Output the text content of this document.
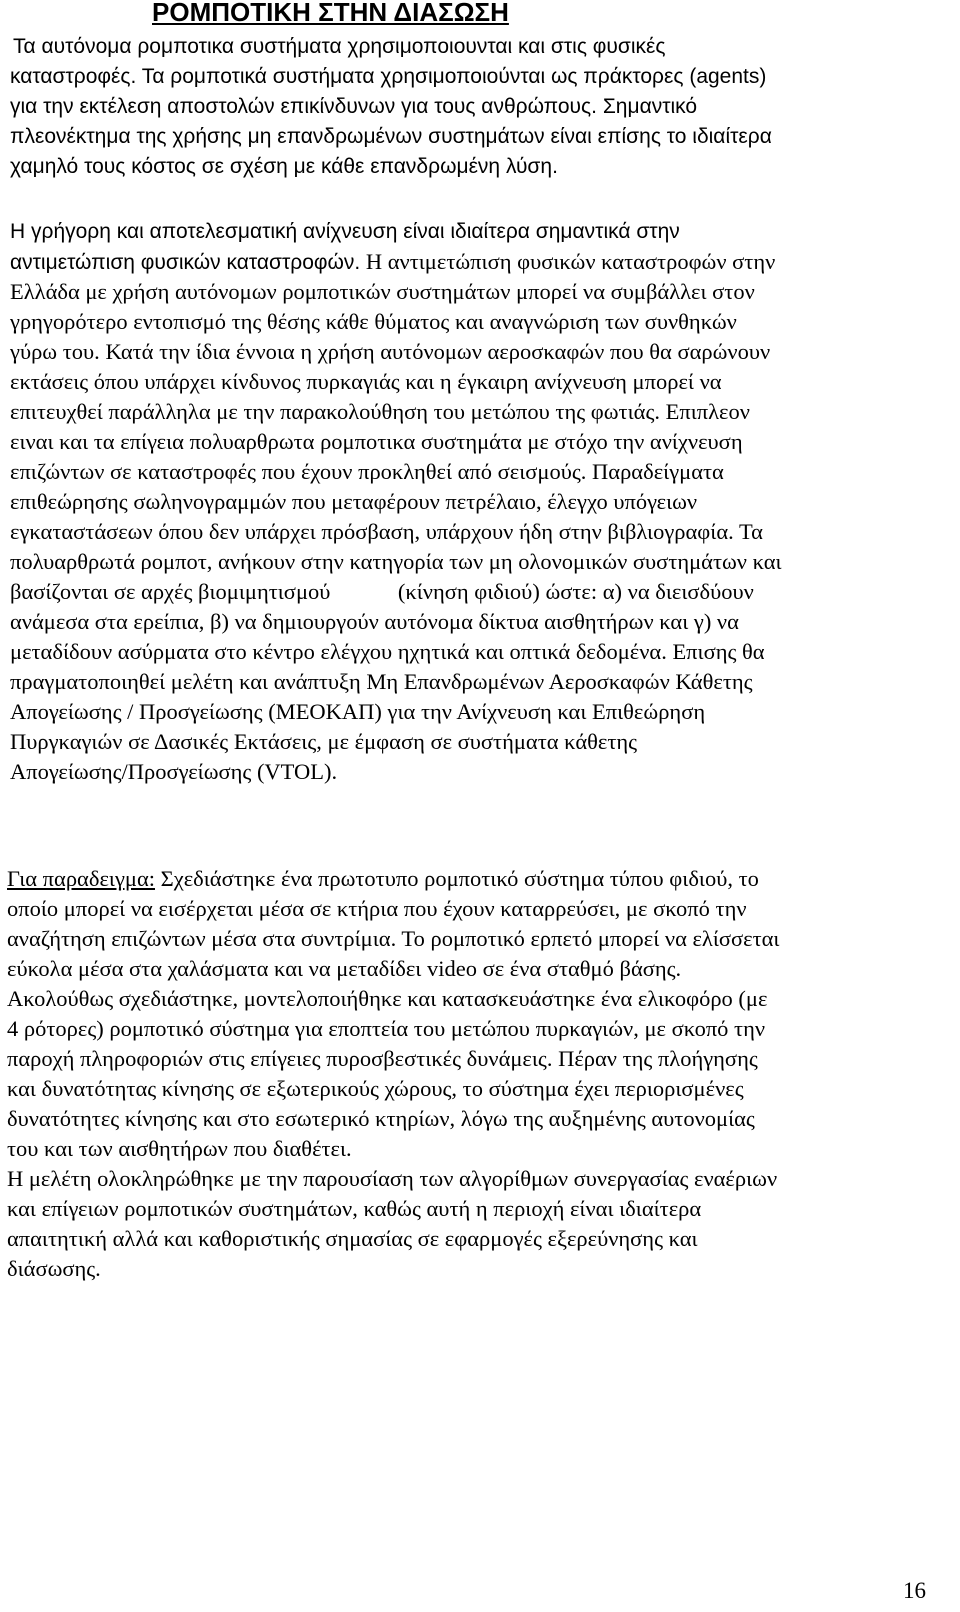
ΡΟΜΠΟΤΙΚΗ ΣΤΗΝ ΔΙΑΣΩΣΗ

Τα αυτόνομα ρομποτικα συστήματα χρησιμοποιουνται και στις φυσικές
καταστροφές. Τα ρομποτικά συστήματα χρησιμοποιούνται ως πράκτορες (agents)
για την εκτέλεση αποστολών επικίνδυνων για τους ανθρώπους. Σημαντικό
πλεονέκτημα της χρήσης μη επανδρωμένων συστημάτων είναι επίσης το ιδιαίτερα
χαμηλό τους κόστος σε σχέση με κάθε επανδρωμένη λύση.

Η γρήγορη και αποτελεσματική ανίχνευση είναι ιδιαίτερα σημαντικά στην
αντιμετώπιση φυσικών καταστροφών. Η αντιμετώπιση φυσικών καταστροφών στην

Ελλάδα με χρήση αυτόνομων ρομποτικών συστημάτων μπορεί να συμβάλλει στον
γρηγορότερο εντοπισμό της θέσης κάθε θύματος και αναγνώριση των συνθηκών
γύρω του. Κατά την ίδια έννοια η χρήση αυτόνομων αεροσκαφών που θα σαρώνουν
εκτάσεις όπου υπάρχει κίνδυνος πυρκαγιάς και η έγκαιρη ανίχνευση μπορεί να
επιτευχθεί παράλληλα με την παρακολούθηση του μετώπου της φωτιάς. Επιπλεον
ειναι και τα επίγεια πολυαρθρωτα ρομποτικα συστημάτα με στόχο την ανίχνευση
επιζώντων σε καταστροφές που έχουν προκληθεί από σεισμούς. Παραδείγματα
επιθεώρησης σωληνογραμμών που μεταφέρουν πετρέλαιο, έλεγχο υπόγειων
εγκαταστάσεων όπου δεν υπάρχει πρόσβαση, υπάρχουν ήδη στην βιβλιογραφία. Τα
πολυαρθρωτά ρομποτ, ανήκουν στην κατηγορία των μη ολονομικών συστημάτων και
βασίζονται σε αρχές βιομιμητισμού            (κίνηση φιδιού) ώστε: α) να διεισδύουν
ανάμεσα στα ερείπια, β) να δημιουργούν αυτόνομα δίκτυα αισθητήρων και γ) να
μεταδίδουν ασύρματα στο κέντρο ελέγχου ηχητικά και οπτικά δεδομένα. Επισης θα
πραγματοποιηθεί μελέτη και ανάπτυξη Μη Επανδρωμένων Αεροσκαφών Κάθετης
Απογείωσης / Προσγείωσης (ΜΕΟΚΑΠ) για την Ανίχνευση και Επιθεώρηση
Πυργκαγιών σε Δασικές Εκτάσεις, με έμφαση σε συστήματα κάθετης
Απογείωσης/Προσγείωσης (VTOL).

Για παραδειγμα: Σχεδιάστηκε ένα πρωτοτυπο ρομποτικό σύστημα τύπου φιδιού, το
οποίο μπορεί να εισέρχεται μέσα σε κτήρια που έχουν καταρρεύσει, με σκοπό την
αναζήτηση επιζώντων μέσα στα συντρίμια. Το ρομποτικό ερπετό μπορεί να ελίσσεται
εύκολα μέσα στα χαλάσματα και να μεταδίδει video σε ένα σταθμό βάσης.
Ακολούθως σχεδιάστηκε, μοντελοποιήθηκε και κατασκευάστηκε ένα ελικοφόρο (με
4 ρότορες) ρομποτικό σύστημα για εποπτεία του μετώπου πυρκαγιών, με σκοπό την
παροχή πληροφοριών στις επίγειες πυροσβεστικές δυνάμεις. Πέραν της πλοήγησης
και δυνατότητας κίνησης σε εξωτερικούς χώρους, το σύστημα έχει περιορισμένες
δυνατότητες κίνησης και στο εσωτερικό κτηρίων, λόγω της αυξημένης αυτονομίας
του και των αισθητήρων που διαθέτει.
Η μελέτη ολοκληρώθηκε με την παρουσίαση των αλγορίθμων συνεργασίας εναέριων
και επίγειων ρομποτικών συστημάτων, καθώς αυτή η περιοχή είναι ιδιαίτερα
απαιτητική αλλά και καθοριστικής σημασίας σε εφαρμογές εξερεύνησης και
διάσωσης.

16
